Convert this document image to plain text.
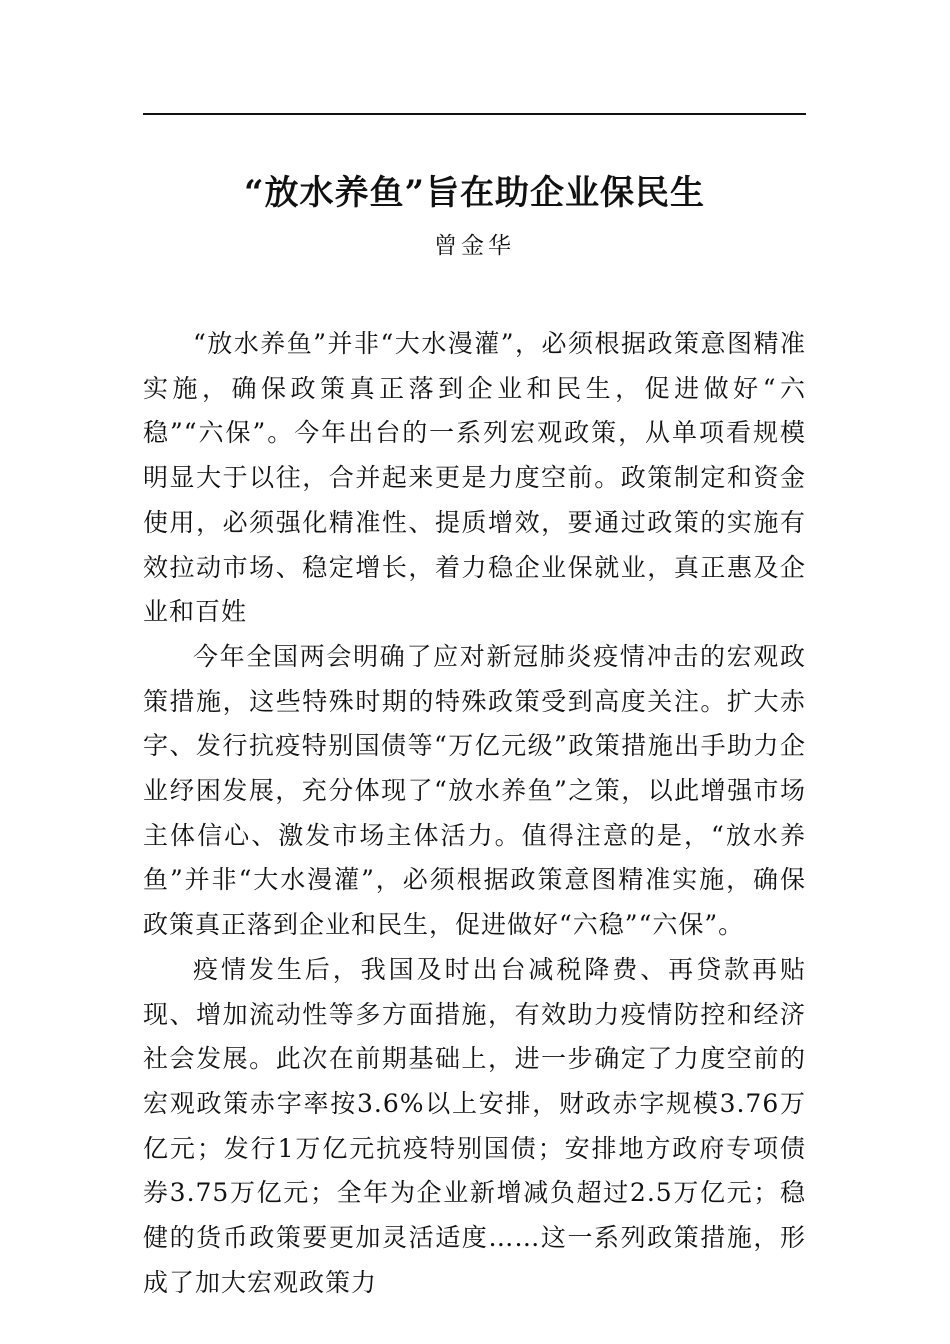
“放水养鱼”旨在助企业保民生
曾金华

“放水养鱼”并非“大水漫灌”，必须根据政策意图精准实施，确保政策真正落到企业和民生，促进做好“六稳”“六保”。今年出台的一系列宏观政策，从单项看规模明显大于以往，合并起来更是力度空前。政策制定和资金使用，必须强化精准性、提质增效，要通过政策的实施有效拉动市场、稳定增长，着力稳企业保就业，真正惠及企业和百姓

今年全国两会明确了应对新冠肺炎疫情冲击的宏观政策措施，这些特殊时期的特殊政策受到高度关注。扩大赤字、发行抗疫特别国债等“万亿元级”政策措施出手助力企业纾困发展，充分体现了“放水养鱼”之策，以此增强市场主体信心、激发市场主体活力。值得注意的是，“放水养鱼”并非“大水漫灌”，必须根据政策意图精准实施，确保政策真正落到企业和民生，促进做好“六稳”“六保”。

疫情发生后，我国及时出台减税降费、再贷款再贴现、增加流动性等多方面措施，有效助力疫情防控和经济社会发展。此次在前期基础上，进一步确定了力度空前的宏观政策赤字率按3.6%以上安排，财政赤字规模3.76万亿元；发行1万亿元抗疫特别国债；安排地方政府专项债券3.75万亿元；全年为企业新增减负超过2.5万亿元；稳健的货币政策要更加灵活适度……这一系列政策措施，形成了加大宏观政策力
